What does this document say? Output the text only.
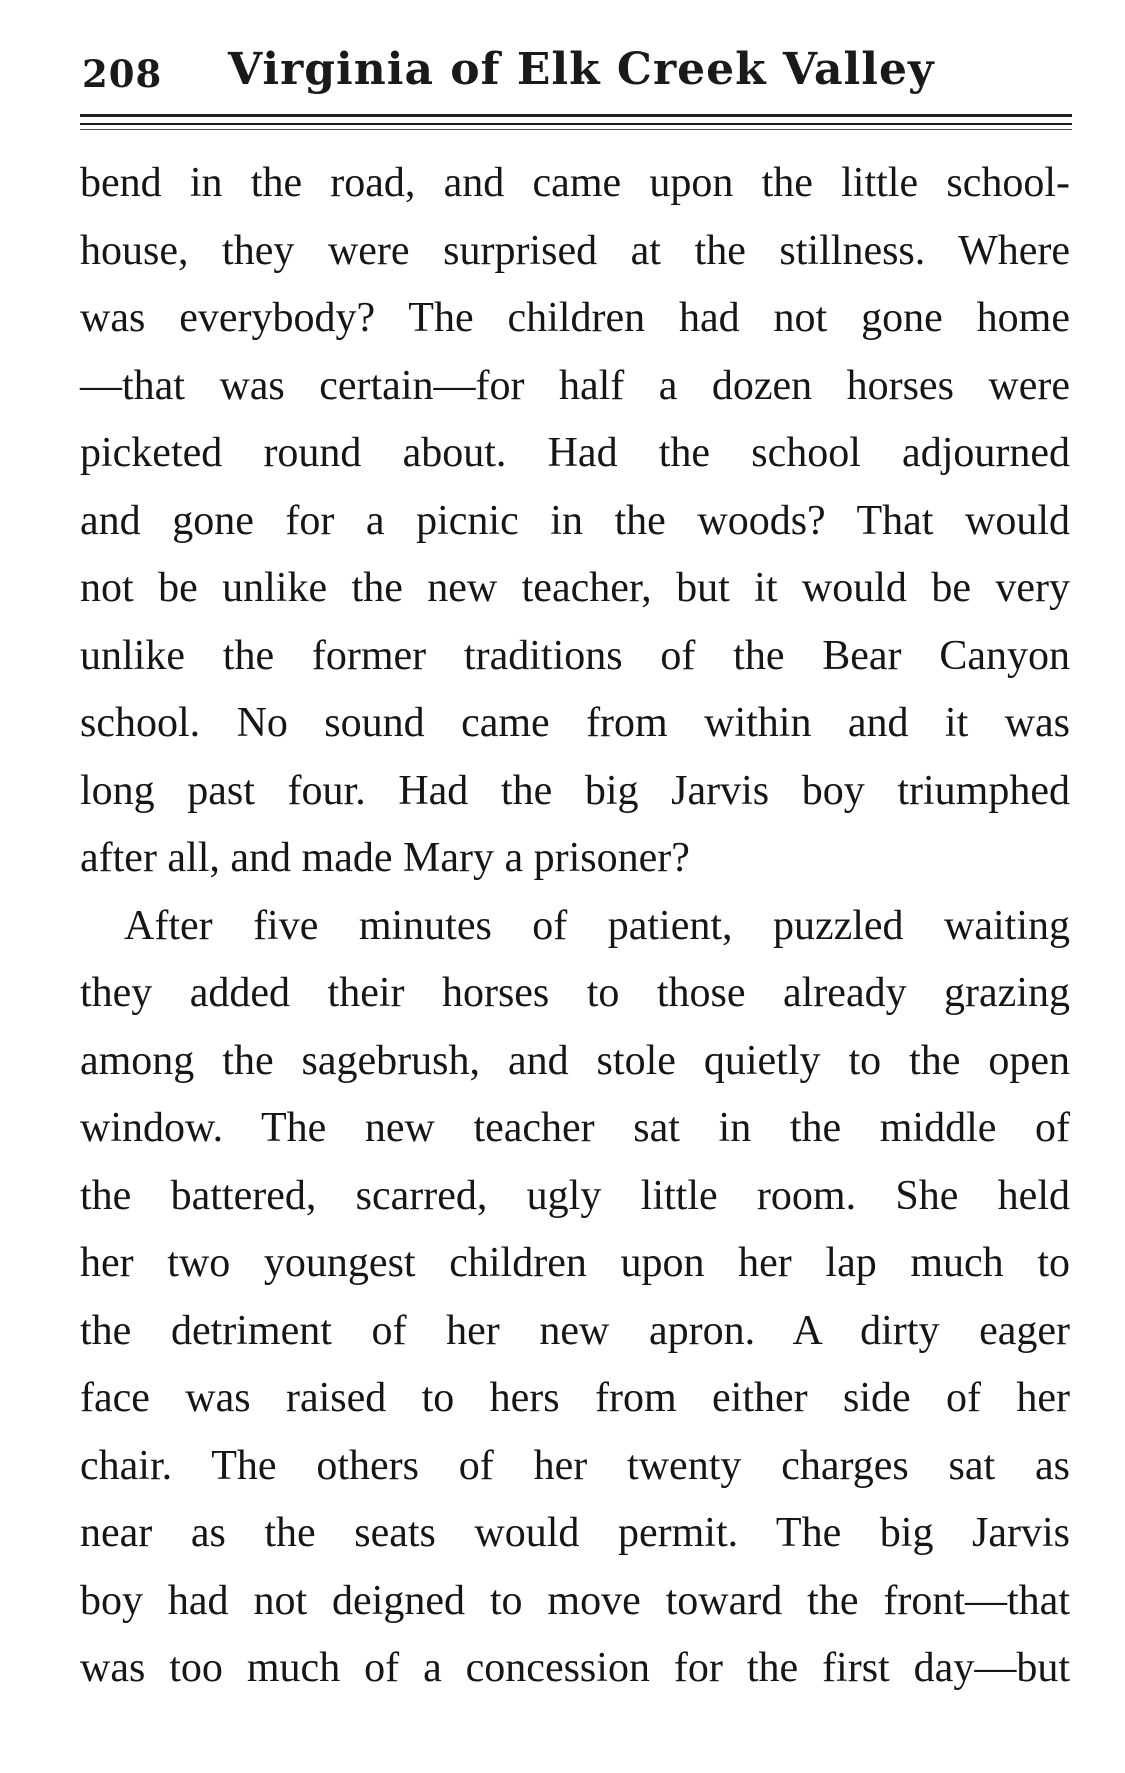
208 Virginia of Elk Creek Valley
bend in the road, and came upon the little school-
house, they were surprised at the stillness. Where
was everybody? The children had not gone home
—that was certain—for half a dozen horses were
picketed round about. Had the school adjourned
and gone for a picnic in the woods? That would
not be unlike the new teacher, but it would be very
unlike the former traditions of the Bear Canyon
school. No sound came from within and it was
long past four. Had the big Jarvis boy triumphed
after all, and made Mary a prisoner?
After five minutes of patient, puzzled waiting
they added their horses to those already grazing
among the sagebrush, and stole quietly to the open
window. The new teacher sat in the middle of
the battered, scarred, ugly little room. She held
her two youngest children upon her lap much to
the detriment of her new apron. A dirty eager
face was raised to hers from either side of her
chair. The others of her twenty charges sat as
near as the seats would permit. The big Jarvis
boy had not deigned to move toward the front—that
was too much of a concession for the first day—but
